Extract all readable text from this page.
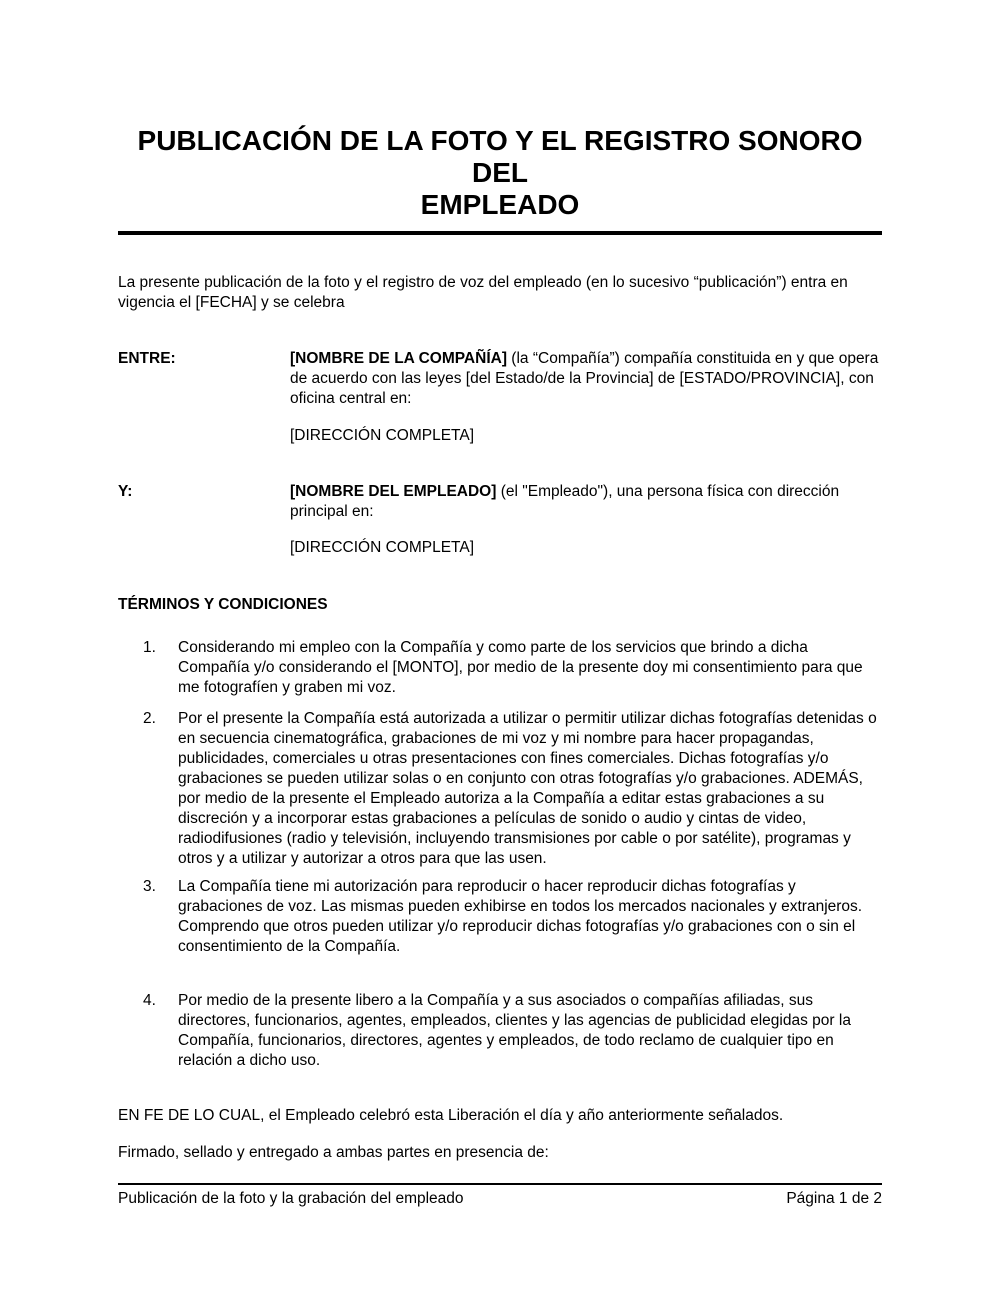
PUBLICACIÓN DE LA FOTO Y EL REGISTRO SONORO DEL
EMPLEADO

La presente publicación de la foto y el registro de voz del empleado (en lo sucesivo “publicación”) entra en vigencia el [FECHA] y se celebra

ENTRE:	[NOMBRE DE LA COMPAÑÍA] (la “Compañía”) compañía constituida en y que opera de acuerdo con las leyes [del Estado/de la Provincia] de [ESTADO/PROVINCIA], con oficina central en:

[DIRECCIÓN COMPLETA]

Y:	[NOMBRE DEL EMPLEADO] (el "Empleado"), una persona física con dirección principal en:

[DIRECCIÓN COMPLETA]

TÉRMINOS Y CONDICIONES
1.	Considerando mi empleo con la Compañía y como parte de los servicios que brindo a dicha Compañía y/o considerando el [MONTO], por medio de la presente doy mi consentimiento para que me fotografíen y graben mi voz.
2.	Por el presente la Compañía está autorizada a utilizar o permitir utilizar dichas fotografías detenidas o en secuencia cinematográfica, grabaciones de mi voz y mi nombre para hacer propagandas, publicidades, comerciales u otras presentaciones con fines comerciales. Dichas fotografías y/o grabaciones se pueden utilizar solas o en conjunto con otras fotografías y/o grabaciones. ADEMÁS, por medio de la presente el Empleado autoriza a la Compañía a editar estas grabaciones a su discreción y a incorporar estas grabaciones a películas de sonido o audio y cintas de video, radiodifusiones (radio y televisión, incluyendo transmisiones por cable o por satélite), programas y otros y a utilizar y autorizar a otros para que las usen.
3.	La Compañía tiene mi autorización para reproducir o hacer reproducir dichas fotografías y grabaciones de voz. Las mismas pueden exhibirse en todos los mercados nacionales y extranjeros. Comprendo que otros pueden utilizar y/o reproducir dichas fotografías y/o grabaciones con o sin el consentimiento de la Compañía.
4.	Por medio de la presente libero a la Compañía y a sus asociados o compañías afiliadas, sus directores, funcionarios, agentes, empleados, clientes y las agencias de publicidad elegidas por la Compañía, funcionarios, directores, agentes y empleados, de todo reclamo de cualquier tipo en relación a dicho uso.

EN FE DE LO CUAL, el Empleado celebró esta Liberación el día y año anteriormente señalados.

Firmado, sellado y entregado a ambas partes en presencia de:

Publicación de la foto y la grabación del empleado	Página 1 de 2
